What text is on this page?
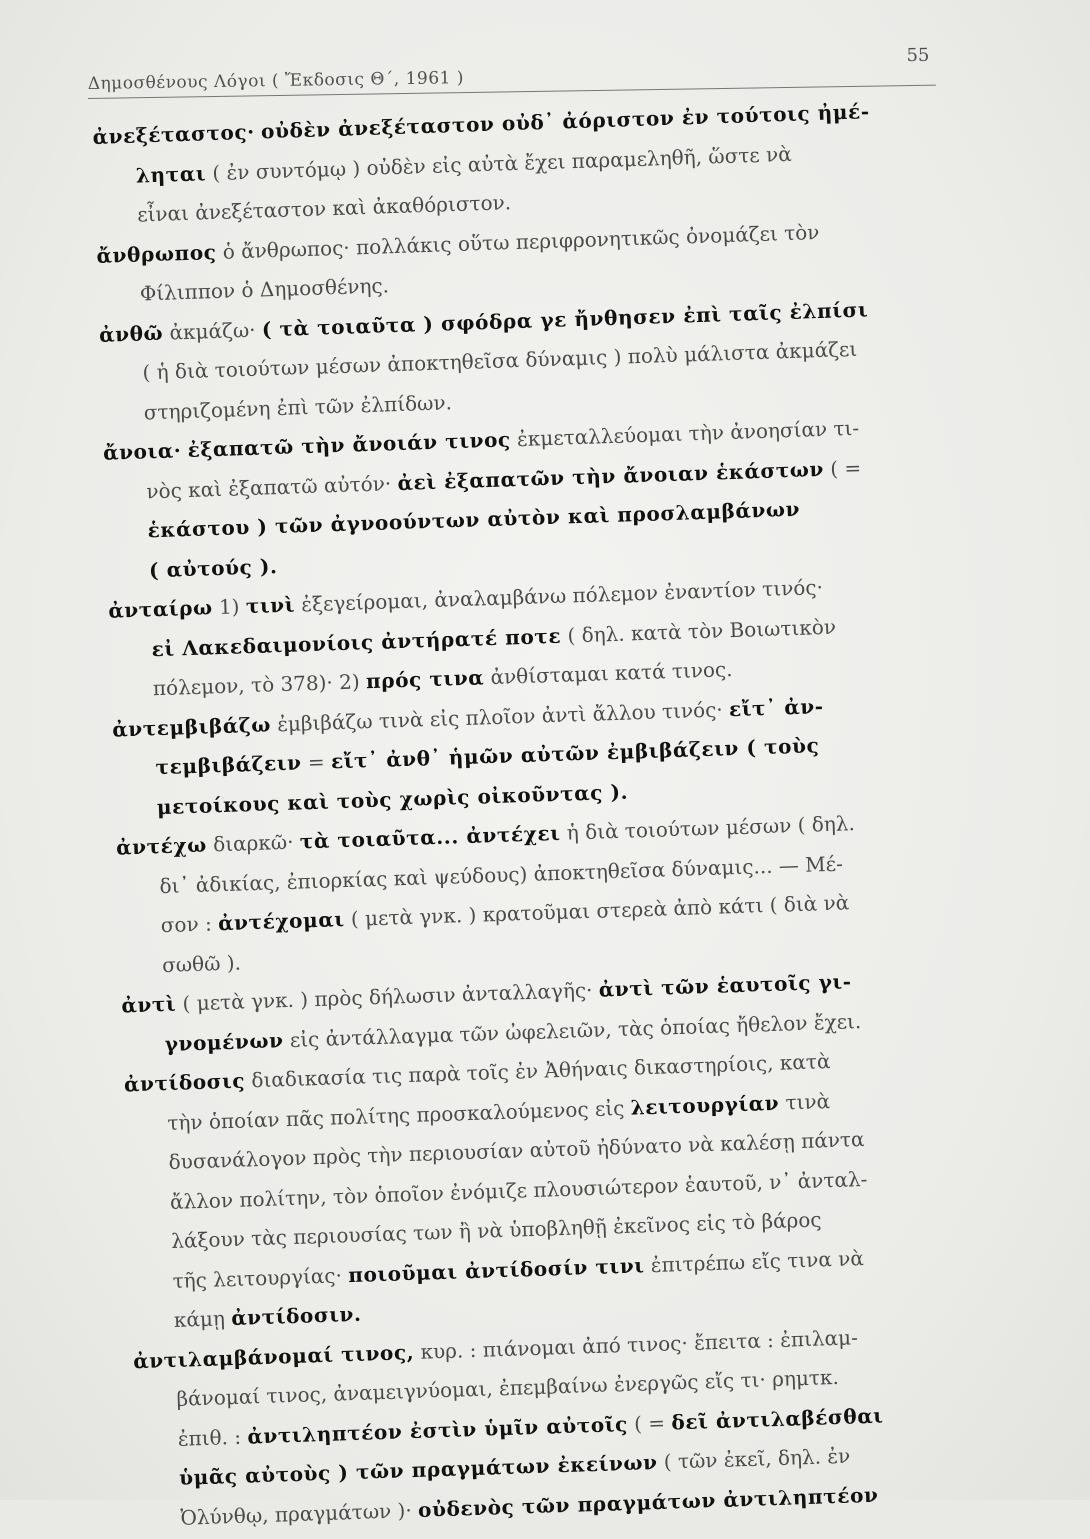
Δημοσθένους Λόγοι ( Ἔκδοσις Θ΄, 1961 )
55
ἀνεξέταστος· οὐδὲν ἀνεξέταστον οὐδ᾽ ἀόριστον ἐν τούτοις ἠμέ-
ληται ( ἐν συντόμῳ ) οὐδὲν εἰς αὐτὰ ἔχει παραμεληθῆ, ὥστε νὰ
εἶναι ἀνεξέταστον καὶ ἀκαθόριστον.
ἄνθρωπος ὁ ἄνθρωπος· πολλάκις οὕτω περιφρονητικῶς ὀνομάζει τὸν
Φίλιππον ὁ Δημοσθένης.
ἀνθῶ ἀκμάζω· ( τὰ τοιαῦτα ) σφόδρα γε ἤνθησεν ἐπὶ ταῖς ἐλπίσι
( ἡ διὰ τοιούτων μέσων ἀποκτηθεῖσα δύναμις ) πολὺ μάλιστα ἀκμάζει
στηριζομένη ἐπὶ τῶν ἐλπίδων.
ἄνοια· ἐξαπατῶ τὴν ἄνοιάν τινος ἐκμεταλλεύομαι τὴν ἀνοησίαν τι-
νὸς καὶ ἐξαπατῶ αὐτόν· ἀεὶ ἐξαπατῶν τὴν ἄνοιαν ἑκάστων ( =
ἑκάστου ) τῶν ἀγνοούντων αὐτὸν καὶ προσλαμβάνων
( αὐτούς ).
ἀνταίρω 1) τινὶ ἐξεγείρομαι, ἀναλαμβάνω πόλεμον ἐναντίον τινός·
εἰ Λακεδαιμονίοις ἀντήρατέ ποτε ( δηλ. κατὰ τὸν Βοιωτικὸν
πόλεμον, τὸ 378)· 2) πρός τινα ἀνθίσταμαι κατά τινος.
ἀντεμβιβάζω ἐμβιβάζω τινὰ εἰς πλοῖον ἀντὶ ἄλλου τινός· εἴτ᾽ ἀν-
τεμβιβάζειν = εἴτ᾽ ἀνθ᾽ ἡμῶν αὐτῶν ἐμβιβάζειν ( τοὺς
μετοίκους καὶ τοὺς χωρὶς οἰκοῦντας ).
ἀντέχω διαρκῶ· τὰ τοιαῦτα... ἀντέχει ἡ διὰ τοιούτων μέσων ( δηλ.
δι᾽ ἀδικίας, ἐπιορκίας καὶ ψεύδους) ἀποκτηθεῖσα δύναμις... — Μέ-
σον : ἀντέχομαι ( μετὰ γνκ. ) κρατοῦμαι στερεὰ ἀπὸ κάτι ( διὰ νὰ
σωθῶ ).
ἀντὶ ( μετὰ γνκ. ) πρὸς δήλωσιν ἀνταλλαγῆς· ἀντὶ τῶν ἑαυτοῖς γι-
γνομένων εἰς ἀντάλλαγμα τῶν ὠφελειῶν, τὰς ὁποίας ἤθελον ἔχει.
ἀντίδοσις διαδικασία τις παρὰ τοῖς ἐν Ἀθήναις δικαστηρίοις, κατὰ
τὴν ὁποίαν πᾶς πολίτης προσκαλούμενος εἰς λειτουργίαν τινὰ
δυσανάλογον πρὸς τὴν περιουσίαν αὐτοῦ ἠδύνατο νὰ καλέσῃ πάντα
ἄλλον πολίτην, τὸν ὁποῖον ἐνόμιζε πλουσιώτερον ἑαυτοῦ, ν᾽ ἀνταλ-
λάξουν τὰς περιουσίας των ἢ νὰ ὑποβληθῇ ἐκεῖνος εἰς τὸ βάρος
τῆς λειτουργίας· ποιοῦμαι ἀντίδοσίν τινι ἐπιτρέπω εἴς τινα νὰ
κάμῃ ἀντίδοσιν.
ἀντιλαμβάνομαί τινος, κυρ. : πιάνομαι ἀπό τινος· ἔπειτα : ἐπιλαμ-
βάνομαί τινος, ἀναμειγνύομαι, ἐπεμβαίνω ἐνεργῶς εἴς τι· ρημτκ.
ἐπιθ. : ἀντιληπτέον ἐστὶν ὑμῖν αὐτοῖς ( = δεῖ ἀντιλαβέσθαι
ὑμᾶς αὐτοὺς ) τῶν πραγμάτων ἐκείνων ( τῶν ἐκεῖ, δηλ. ἐν
Ὀλύνθῳ, πραγμάτων )· οὐδενὸς τῶν πραγμάτων ἀντιληπτέον
